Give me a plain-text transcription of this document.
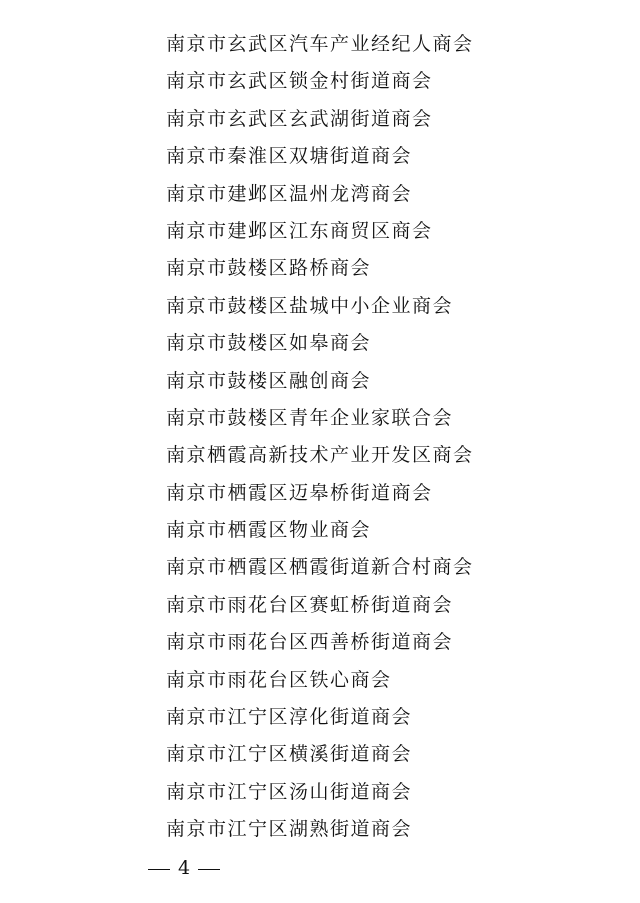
南京市玄武区汽车产业经纪人商会
南京市玄武区锁金村街道商会
南京市玄武区玄武湖街道商会
南京市秦淮区双塘街道商会
南京市建邺区温州龙湾商会
南京市建邺区江东商贸区商会
南京市鼓楼区路桥商会
南京市鼓楼区盐城中小企业商会
南京市鼓楼区如皋商会
南京市鼓楼区融创商会
南京市鼓楼区青年企业家联合会
南京栖霞高新技术产业开发区商会
南京市栖霞区迈皋桥街道商会
南京市栖霞区物业商会
南京市栖霞区栖霞街道新合村商会
南京市雨花台区赛虹桥街道商会
南京市雨花台区西善桥街道商会
南京市雨花台区铁心商会
南京市江宁区淳化街道商会
南京市江宁区横溪街道商会
南京市江宁区汤山街道商会
南京市江宁区湖熟街道商会
4
